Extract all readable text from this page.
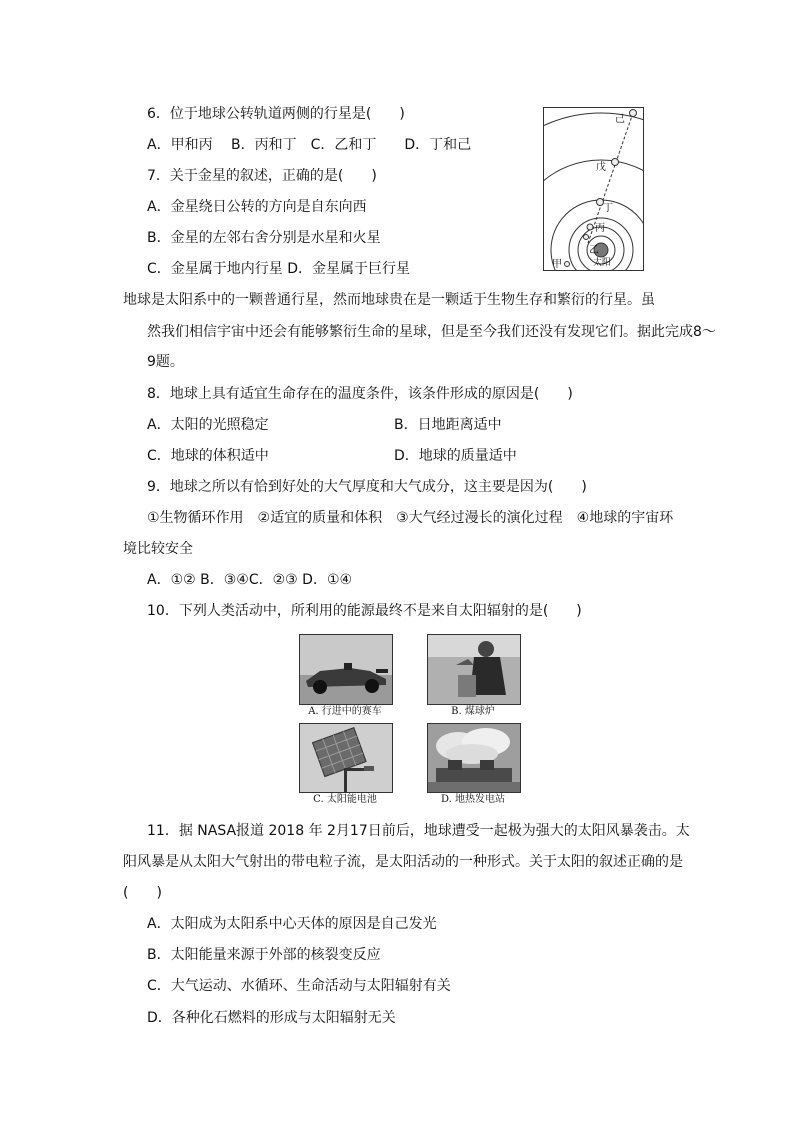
6．位于地球公转轨道两侧的行星是(　　)
A．甲和丙　 B．丙和丁　C．乙和丁　　D．丁和己
7．关于金星的叙述，正确的是(　　)
A．金星绕日公转的方向是自东向西
B．金星的左邻右舍分别是水星和火星
C．金星属于地内行星 D．金星属于巨行星
己
戊
丁
丙
乙
甲	太阳
地球是太阳系中的一颗普通行星，然而地球贵在是一颗适于生物生存和繁衍的行星。虽
然我们相信宇宙中还会有能够繁衍生命的星球，但是至今我们还没有发现它们。据此完成8～
9题。
8．地球上具有适宜生命存在的温度条件，该条件形成的原因是(　　)
A．太阳的光照稳定	B．日地距离适中
C．地球的体积适中	D．地球的质量适中
9．地球之所以有恰到好处的大气厚度和大气成分，这主要是因为(　　)
①生物循环作用　②适宜的质量和体积　③大气经过漫长的演化过程　④地球的宇宙环
境比较安全
A．①② B．③④C．②③ D．①④
10．下列人类活动中，所利用的能源最终不是来自太阳辐射的是(　　)
A. 行进中的赛车	B. 煤球炉
C. 太阳能电池	D. 地热发电站
11．据 NASA报道 2018 年 2月17日前后，地球遭受一起极为强大的太阳风暴袭击。太
阳风暴是从太阳大气射出的带电粒子流，是太阳活动的一种形式。关于太阳的叙述正确的是
(　　)
A．太阳成为太阳系中心天体的原因是自己发光
B．太阳能量来源于外部的核裂变反应
C．大气运动、水循环、生命活动与太阳辐射有关
D．各种化石燃料的形成与太阳辐射无关
